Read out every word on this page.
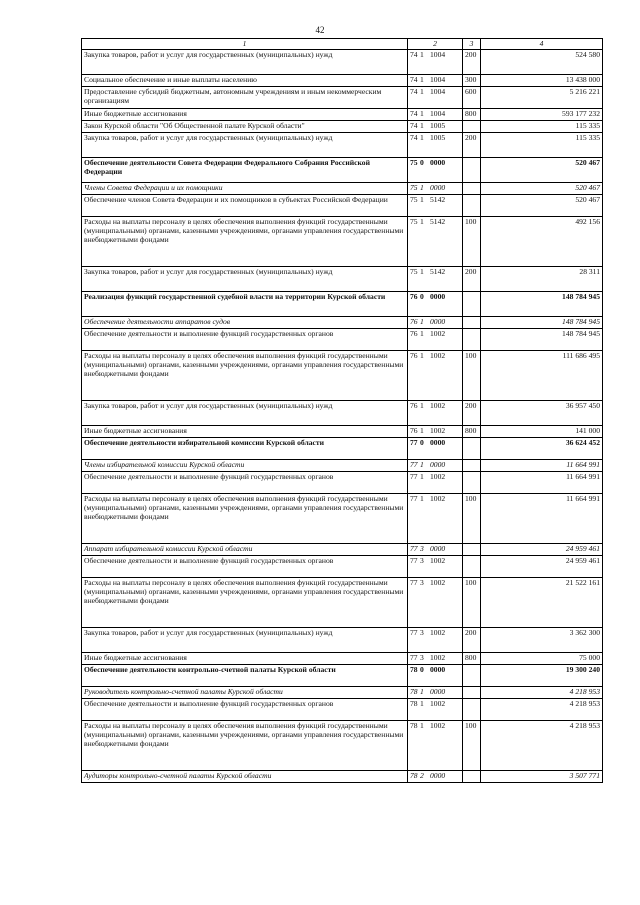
42
1	2	3	4
Закупка товаров, работ и услуг для государственных (муниципальных) нужд	74 1 1004	200	524 580
Социальное обеспечение и иные выплаты населению	74 1 1004	300	13 438 000
Предоставление субсидий бюджетным, автономным учреждениям и иным некоммерческим организациям	74 1 1004	600	5 216 221
Иные бюджетные ассигнования	74 1 1004	800	593 177 232
Закон Курской области "Об Общественной палате Курской области"	74 1 1005		115 335
Закупка товаров, работ и услуг для государственных (муниципальных) нужд	74 1 1005	200	115 335
Обеспечение деятельности Совета Федерации Федерального Собрания Российской Федерации	75 0 0000		520 467
Члены Совета Федерации и их помощники	75 1 0000		520 467
Обеспечение членов Совета Федерации и их помощников в субъектах Российской Федерации	75 1 5142		520 467
Расходы на выплаты персоналу в целях обеспечения выполнения функций государственными (муниципальными) органами, казенными учреждениями, органами управления государственными внебюджетными фондами	75 1 5142	100	492 156
Закупка товаров, работ и услуг для государственных (муниципальных) нужд	75 1 5142	200	28 311
Реализация функций государственной судебной власти на территории Курской области	76 0 0000		148 784 945
Обеспечение деятельности аппаратов судов	76 1 0000		148 784 945
Обеспечение деятельности и выполнение функций государственных органов	76 1 1002		148 784 945
Расходы на выплаты персоналу в целях обеспечения выполнения функций государственными (муниципальными) органами, казенными учреждениями, органами управления государственными внебюджетными фондами	76 1 1002	100	111 686 495
Закупка товаров, работ и услуг для государственных (муниципальных) нужд	76 1 1002	200	36 957 450
Иные бюджетные ассигнования	76 1 1002	800	141 000
Обеспечение деятельности избирательной комиссии Курской области	77 0 0000		36 624 452
Члены избирательной комиссии Курской области	77 1 0000		11 664 991
Обеспечение деятельности и выполнение функций государственных органов	77 1 1002		11 664 991
Расходы на выплаты персоналу в целях обеспечения выполнения функций государственными (муниципальными) органами, казенными учреждениями, органами управления государственными внебюджетными фондами	77 1 1002	100	11 664 991
Аппарат избирательной комиссии Курской области	77 3 0000		24 959 461
Обеспечение деятельности и выполнение функций государственных органов	77 3 1002		24 959 461
Расходы на выплаты персоналу в целях обеспечения выполнения функций государственными (муниципальными) органами, казенными учреждениями, органами управления государственными внебюджетными фондами	77 3 1002	100	21 522 161
Закупка товаров, работ и услуг для государственных (муниципальных) нужд	77 3 1002	200	3 362 300
Иные бюджетные ассигнования	77 3 1002	800	75 000
Обеспечение деятельности контрольно-счетной палаты Курской области	78 0 0000		19 300 240
Руководитель контрольно-счетной палаты Курской области	78 1 0000		4 218 953
Обеспечение деятельности и выполнение функций государственных органов	78 1 1002		4 218 953
Расходы на выплаты персоналу в целях обеспечения выполнения функций государственными (муниципальными) органами, казенными учреждениями, органами управления государственными внебюджетными фондами	78 1 1002	100	4 218 953
Аудиторы контрольно-счетной палаты Курской области	78 2 0000		3 507 771
